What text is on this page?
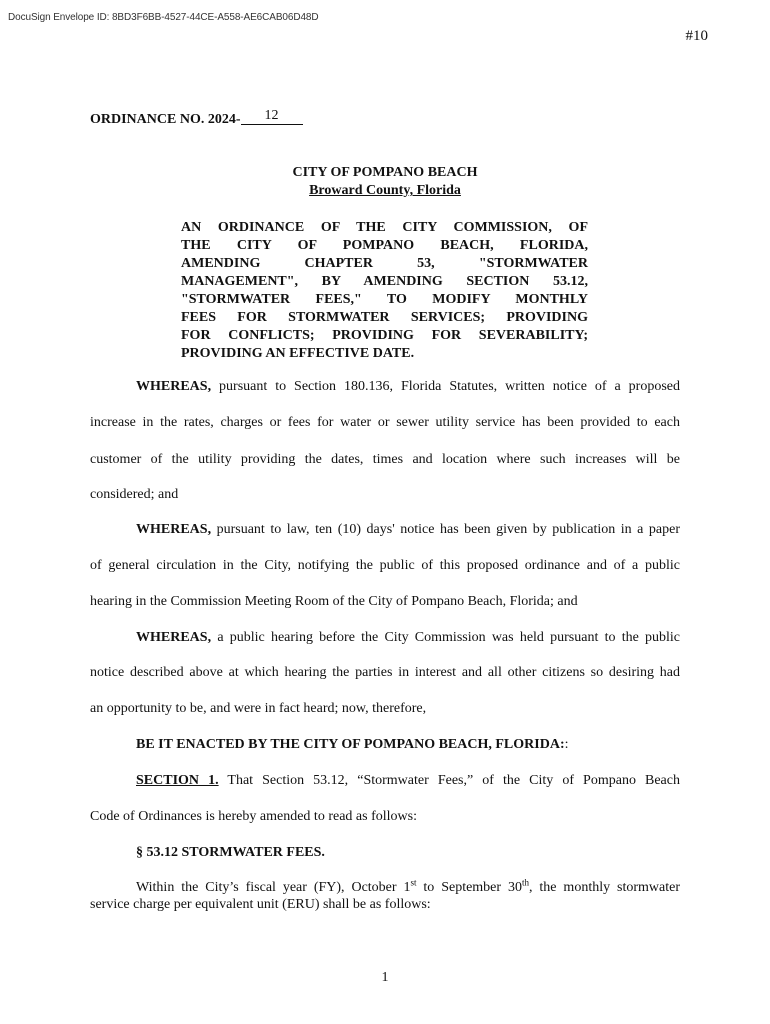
DocuSign Envelope ID: 8BD3F6BB-4527-44CE-A558-AE6CAB06D48D
#10
ORDINANCE NO. 2024- 12
CITY OF POMPANO BEACH
Broward County, Florida
AN ORDINANCE OF THE CITY COMMISSION, OF
THE CITY OF POMPANO BEACH, FLORIDA,
AMENDING CHAPTER 53, "STORMWATER
MANAGEMENT", BY AMENDING SECTION 53.12,
"STORMWATER FEES," TO MODIFY MONTHLY
FEES FOR STORMWATER SERVICES; PROVIDING
FOR CONFLICTS; PROVIDING FOR SEVERABILITY;
PROVIDING AN EFFECTIVE DATE.
WHEREAS, pursuant to Section 180.136, Florida Statutes, written notice of a proposed
increase in the rates, charges or fees for water or sewer utility service has been provided to each
customer of the utility providing the dates, times and location where such increases will be
considered; and
WHEREAS, pursuant to law, ten (10) days' notice has been given by publication in a paper
of general circulation in the City, notifying the public of this proposed ordinance and of a public
hearing in the Commission Meeting Room of the City of Pompano Beach, Florida; and
WHEREAS, a public hearing before the City Commission was held pursuant to the public
notice described above at which hearing the parties in interest and all other citizens so desiring had
an opportunity to be, and were in fact heard; now, therefore,
BE IT ENACTED BY THE CITY OF POMPANO BEACH, FLORIDA::
SECTION 1. That Section 53.12, “Stormwater Fees,” of the City of Pompano Beach
Code of Ordinances is hereby amended to read as follows:
§ 53.12 STORMWATER FEES.
Within the City’s fiscal year (FY), October 1st to September 30th, the monthly stormwater
service charge per equivalent unit (ERU) shall be as follows:
1
